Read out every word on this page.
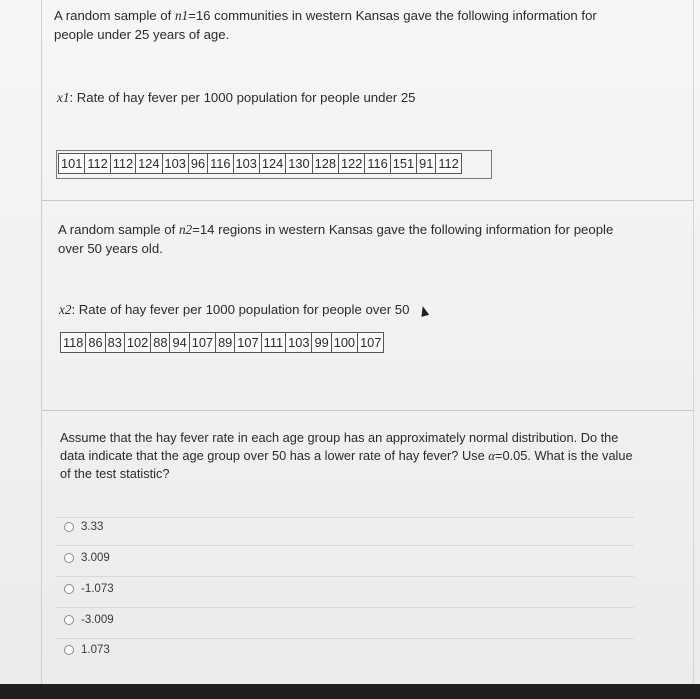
A random sample of n1=16 communities in western Kansas gave the following information for people under 25 years of age.
x1: Rate of hay fever per 1000 population for people under 25
101	112	112	124	103	96	116	103	124	130	128	122	116	151	91	112
A random sample of n2=14 regions in western Kansas gave the following information for people over 50 years old.
x2: Rate of hay fever per 1000 population for people over 50
118	86	83	102	88	94	107	89	107	111	103	99	100	107
Assume that the hay fever rate in each age group has an approximately normal distribution. Do the data indicate that the age group over 50 has a lower rate of hay fever? Use α=0.05. What is the value of the test statistic?
3.33
3.009
-1.073
-3.009
1.073
